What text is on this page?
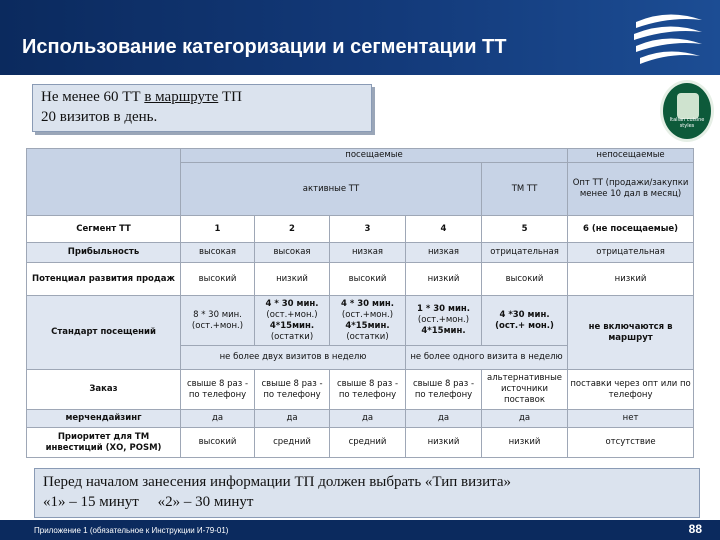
Использование категоризации и сегментации ТТ
Не менее 60 ТТ в маршруте ТП
20 визитов в день.	Italian cuisine styles
	посещаемые					непосещаемые
	активные ТТ				ТМ ТТ	Опт ТТ (продажи/закупки менее 10 дал в месяц)
Сегмент ТТ	1	2	3	4	5	6 (не посещаемые)
Прибыльность	высокая	высокая	низкая	низкая	отрицательная	отрицательная
Потенциал развития продаж	высокий	низкий	высокий	низкий	высокий	низкий
Стандарт посещений	8 * 30 мин. (ост.+мон.)	4 * 30 мин.
(ост.+мон.)
4*15мин.
(остатки)	4 * 30 мин.
(ост.+мон.)
4*15мин.
(остатки)	1 * 30 мин.
(ост.+мон.)
4*15мин.	4 *30 мин. (ост.+ мон.)	не включаются в маршрут
	не более двух визитов в неделю			не более одного визита в неделю		
Заказ	свыше 8 раз - по телефону	свыше 8 раз - по телефону	свыше 8 раз - по телефону	свыше 8 раз - по телефону	альтернативные источники поставок	поставки через опт или по телефону
мерчендайзинг	да	да	да	да	да	нет
Приоритет для ТМ инвестиций (ХО, POSM)	высокий	средний	средний	низкий	низкий	отсутствие
Перед началом занесения информации ТП должен выбрать «Тип визита»
«1» – 15 минут     «2» – 30 минут
Приложение 1 (обязательное к Инструкции И-79-01)	88
